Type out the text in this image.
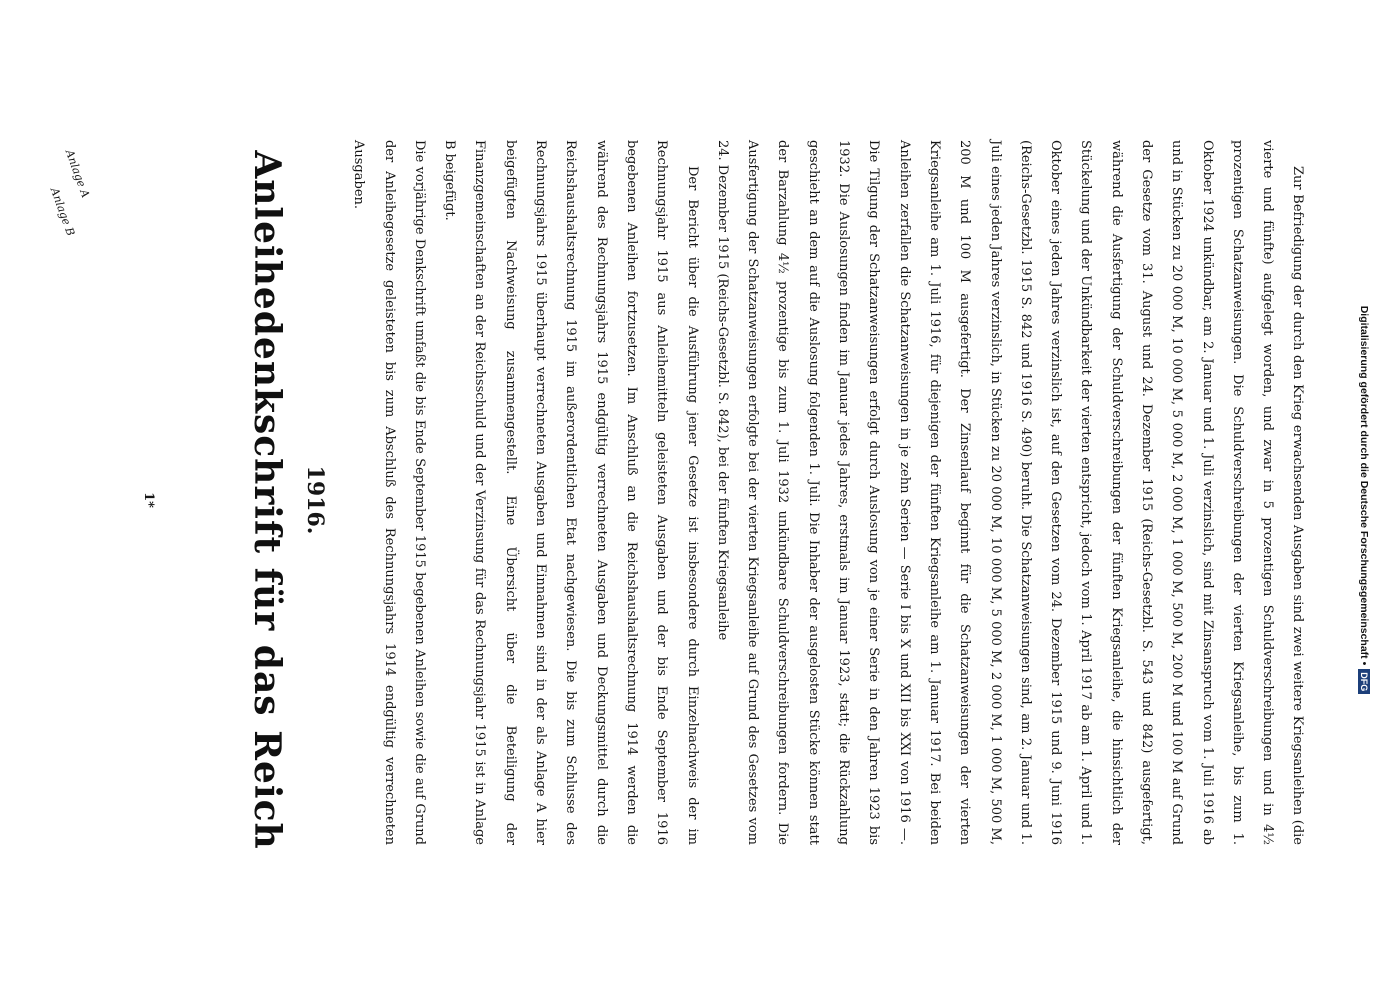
Digitalisierung gefördert durch die Deutsche Forschungsgemeinschaft •DFG

Die vorjährige Denkschrift umfaßt die bis Ende September 1915 begebenen Anleihen sowie die auf Grund der Anleihegesetze geleisteten bis zum Abschluß des Rechnungsjahrs 1914 endgültig verrechneten Ausgaben.	Der Bericht über die Ausführung jener Gesetze ist insbesondere durch Einzelnachweis der im Rechnungsjahr 1915 aus Anleihemitteln geleisteten Ausgaben und der bis Ende September 1916 begebenen Anleihen fortzusetzen. Im Anschluß an die Reichshaushaltsrechnung 1914 werden die während des Rechnungsjahrs 1915 endgültig verrechneten Ausgaben und Deckungsmittel durch die Reichshaushaltsrechnung 1915 im außerordentlichen Etat nachgewiesen. Die bis zum Schlusse des Rechnungsjahrs 1915 überhaupt verrechneten Ausgaben und Einnahmen sind in der als Anlage A hier beigefügten Nachweisung zusammengestellt. Eine Übersicht über die Beteiligung der Finanzgemeinschaften an der Reichsschuld und der Verzinsung für das Rechnungsjahr 1915 ist in Anlage B beigefügt.	Zur Befriedigung der durch den Krieg erwachsenden Ausgaben sind zwei weitere Kriegsanleihen (die vierte und fünfte) aufgelegt worden, und zwar in 5 prozentigen Schuldverschreibungen und in 4½ prozentigen Schatzanweisungen. Die Schuldverschreibungen der vierten Kriegsanleihe, bis zum 1. Oktober 1924 unkündbar, am 2. Januar und 1. Juli verzinslich, sind mit Zinsanspruch vom 1. Juli 1916 ab und in Stücken zu 20 000 M, 10 000 M, 5 000 M, 2 000 M, 1 000 M, 500 M, 200 M und 100 M auf Grund der Gesetze vom 31. August und 24. Dezember 1915 (Reichs-Gesetzbl. S. 543 und 842) ausgefertigt, während die Ausfertigung der Schuldverschreibungen der fünften Kriegsanleihe, die hinsichtlich der Stückelung und der Unkündbarkeit der vierten entspricht, jedoch vom 1. April 1917 ab am 1. April und 1. Oktober eines jeden Jahres verzinslich ist, auf den Gesetzen vom 24. Dezember 1915 und 9. Juni 1916 (Reichs-Gesetzbl. 1915 S. 842 und 1916 S. 490) beruht. Die Schatzanweisungen sind, am 2. Januar und 1. Juli eines jeden Jahres verzinslich, in Stücken zu 20 000 M, 10 000 M, 5 000 M, 2 000 M, 1 000 M, 500 M, 200 M und 100 M ausgefertigt. Der Zinsenlauf beginnt für die Schatzanweisungen der vierten Kriegsanleihe am 1. Juli 1916, für diejenigen der fünften Kriegsanleihe am 1. Januar 1917. Bei beiden Anleihen zerfallen die Schatzanweisungen in je zehn Serien — Serie I bis X und XII bis XXI von 1916 —. Die Tilgung der Schatzanweisungen erfolgt durch Auslosung von je einer Serie in den Jahren 1923 bis 1932. Die Auslosungen finden im Januar jedes Jahres, erstmals im Januar 1923, statt; die Rückzahlung geschieht an dem auf die Auslosung folgenden 1. Juli. Die Inhaber der ausgelosten Stücke können statt der Barzahlung 4½ prozentige bis zum 1. Juli 1932 unkündbare Schuldverschreibungen fordern. Die Ausfertigung der Schatzanweisungen erfolgte bei der vierten Kriegsanleihe auf Grund des Gesetzes vom 24. Dezember 1915 (Reichs-Gesetzbl. S. 842), bei der fünften Kriegsanleihe

Anlage A
Anlage B
1916.
Anleihedenkschrift für das Reich
1*
